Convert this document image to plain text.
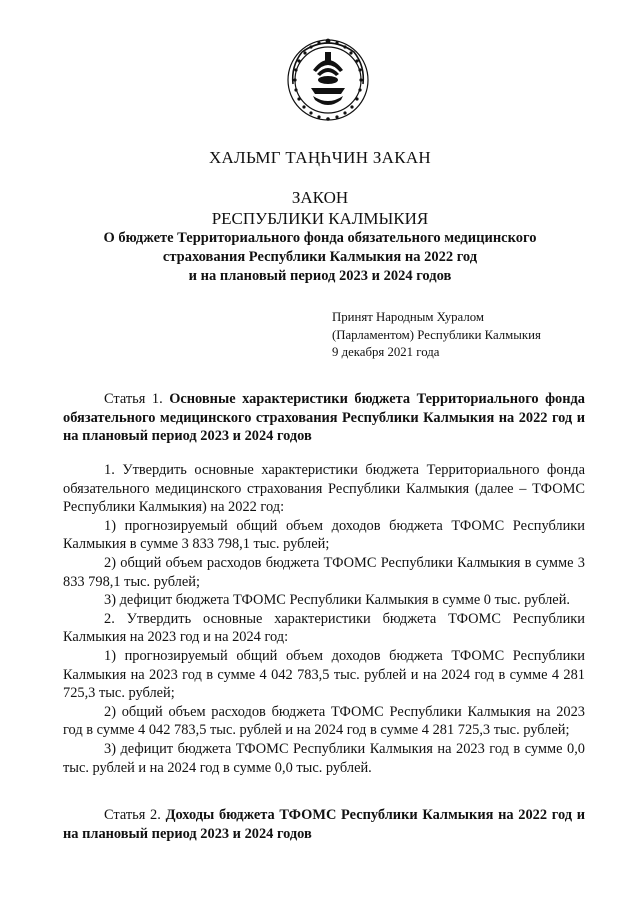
ХАЛЬМГ ТАҢҺЧИН ЗАКАН
ЗАКОН
РЕСПУБЛИКИ КАЛМЫКИЯ
О бюджете Территориального фонда обязательного медицинского
страхования Республики Калмыкия на 2022 год
и на плановый период 2023 и 2024 годов
Принят Народным Хуралом
(Парламентом) Республики Калмыкия
9 декабря 2021 года

Статья 1. Основные характеристики бюджета Территориального фонда обязательного медицинского страхования Республики Калмыкия на 2022 год и на плановый период 2023 и 2024 годов

1. Утвердить основные характеристики бюджета Территориального фонда обязательного медицинского страхования Республики Калмыкия (далее – ТФОМС Республики Калмыкия) на 2022 год:

1) прогнозируемый общий объем доходов бюджета ТФОМС Республики Калмыкия в сумме 3 833 798,1 тыс. рублей;

2) общий объем расходов бюджета ТФОМС Республики Калмыкия в сумме 3 833 798,1 тыс. рублей;

3) дефицит бюджета ТФОМС Республики Калмыкия в сумме 0 тыс. рублей.

2. Утвердить основные характеристики бюджета ТФОМС Республики Калмыкия на 2023 год и на 2024 год:

1) прогнозируемый общий объем доходов бюджета ТФОМС Республики Калмыкия на 2023 год в сумме 4 042 783,5 тыс. рублей и на 2024 год в сумме 4 281 725,3 тыс. рублей;

2) общий объем расходов бюджета ТФОМС Республики Калмыкия на 2023 год в сумме 4 042 783,5 тыс. рублей и на 2024 год в сумме 4 281 725,3 тыс. рублей;

3) дефицит бюджета ТФОМС Республики Калмыкия на 2023 год в сумме 0,0 тыс. рублей и на 2024 год в сумме 0,0 тыс. рублей.

Статья 2. Доходы бюджета ТФОМС Республики Калмыкия на 2022 год и на плановый период 2023 и 2024 годов
